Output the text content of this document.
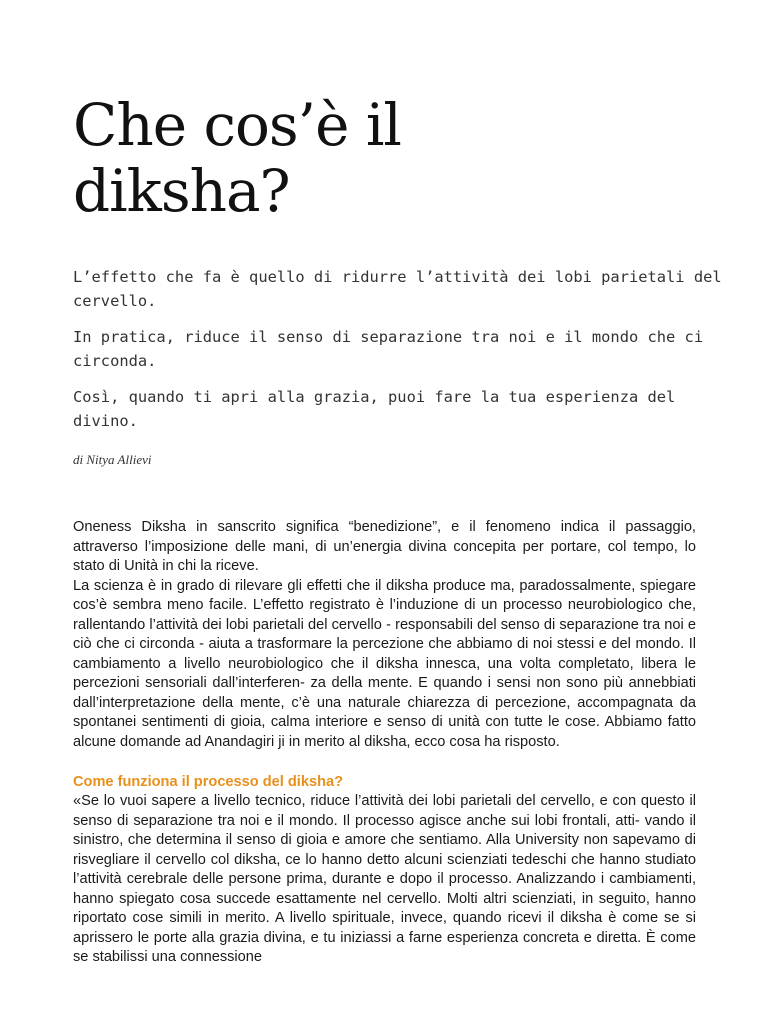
Che cos’è il
diksha?

L’effetto che fa è quello di ridurre l’attività dei lobi parietali del cervello.

In pratica, riduce il senso di separazione tra noi e il mondo che ci circonda.

Così, quando ti apri alla grazia, puoi fare la tua esperienza del divino.

di Nitya Allievi

Oneness Diksha in sanscrito significa “benedizione”, e il fenomeno indica il passaggio, attraverso l’imposizione delle mani, di un’energia divina concepita per portare, col tempo, lo stato di Unità in chi la riceve.

La scienza è in grado di rilevare gli effetti che il diksha produce ma, paradossalmente, spiegare cos’è sembra meno facile. L’effetto registrato è l’induzione di un processo neurobiologico che, rallentando l’attività dei lobi parietali del cervello - responsabili del senso di separazione tra noi e ciò che ci circonda - aiuta a trasformare la percezione che abbiamo di noi stessi e del mondo. Il cambiamento a livello neurobiologico che il diksha innesca, una volta completato, libera le percezioni sensoriali dall’interferen- za della mente. E quando i sensi non sono più annebbiati dall’interpretazione della mente, c’è una naturale chiarezza di percezione, accompagnata da spontanei sentimenti di gioia, calma interiore e senso di unità con tutte le cose. Abbiamo fatto alcune domande ad Anandagiri ji in merito al diksha, ecco cosa ha risposto.

Come funziona il processo del diksha?

«Se lo vuoi sapere a livello tecnico, riduce l’attività dei lobi parietali del cervello, e con questo il senso di separazione tra noi e il mondo. Il processo agisce anche sui lobi frontali, atti- vando il sinistro, che determina il senso di gioia e amore che sentiamo. Alla University non sapevamo di risvegliare il cervello col diksha, ce lo hanno detto alcuni scienziati tedeschi che hanno studiato l’attività cerebrale delle persone prima, durante e dopo il processo. Analizzando i cambiamenti, hanno spiegato cosa succede esattamente nel cervello. Molti altri scienziati, in seguito, hanno riportato cose simili in merito. A livello spirituale, invece, quando ricevi il diksha è come se si aprissero le porte alla grazia divina, e tu iniziassi a farne esperienza concreta e diretta. È come se stabilissi una connessione
